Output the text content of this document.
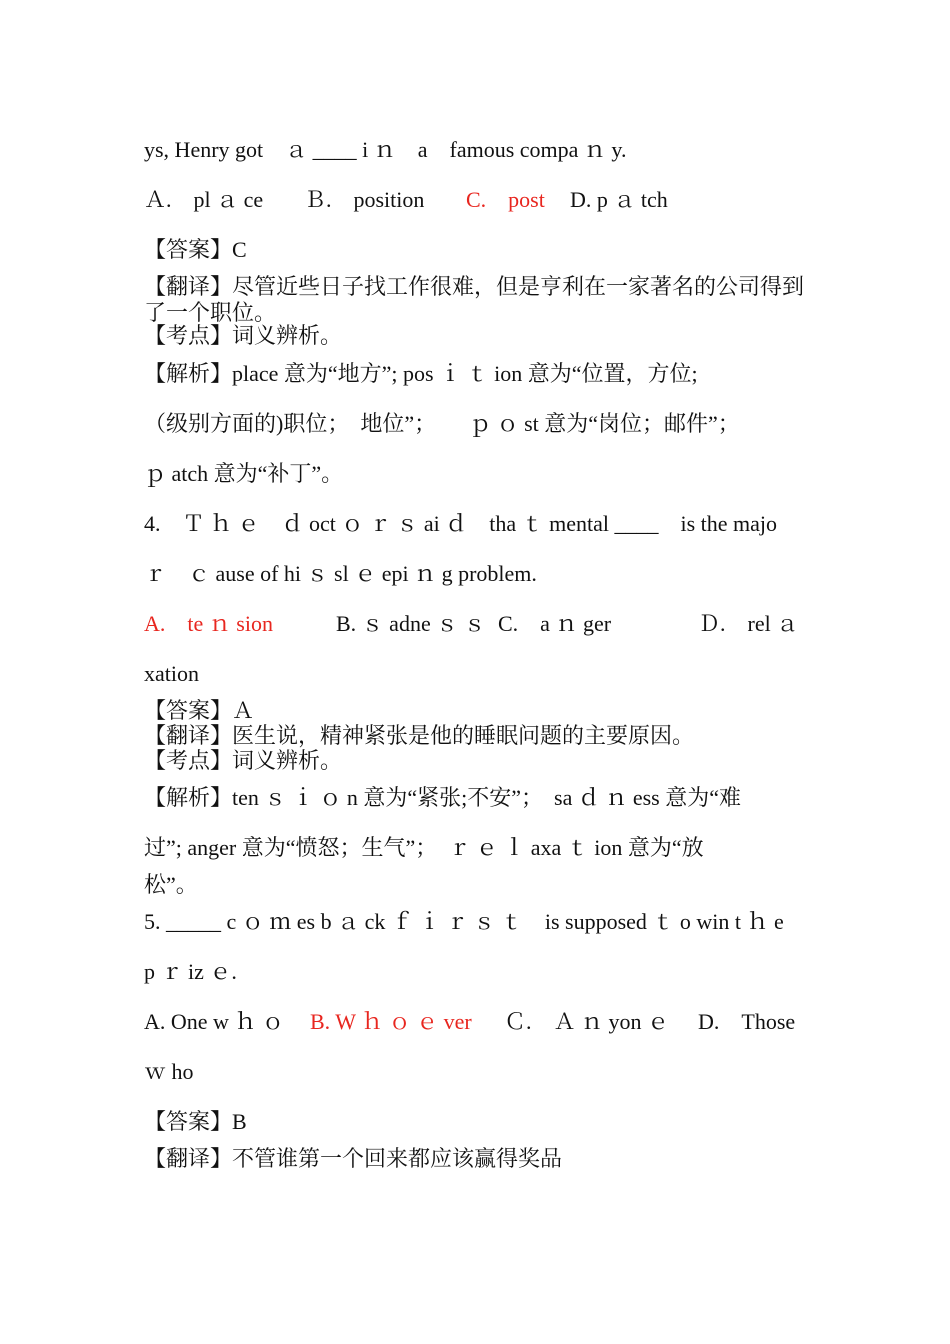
ys, Henry got　ａ ____ i ｎ　a　famous compa ｎ y.
Ａ.　pl ａ ce Ｂ.　position C.　post D. p ａ tch
【答案】C
【翻译】尽管近些日子找工作很难，但是亨利在一家著名的公司得到了一个职位。
【考点】词义辨析。
【解析】place 意为“地方”; pos ｉ ｔ ion 意为“位置，方位;
（级别方面的)职位；　地位”；　　ｐ ｏ st 意为“岗位；邮件”；
ｐ atch 意为“补丁”。
4.　Ｔ ｈ ｅ　ｄ oct ｏ ｒ ｓ ai ｄ　tha ｔ mental ____　is the majo
ｒ　ｃ ause of hi ｓ sl ｅ epi ｎ g problem.
A.　te ｎ sion	B. ｓ adne ｓ ｓ C.　a ｎ ger	Ｄ.　rel ａ
xation
【答案】Ａ
【翻译】医生说，精神紧张是他的睡眠问题的主要原因。
【考点】词义辨析。
【解析】ten ｓ ｉ ｏ n 意为“紧张;不安”；　sa ｄ ｎ ess 意为“难
过”; anger 意为“愤怒；生气”；　ｒ ｅ ｌ axa ｔ ion 意为“放
松”。
5. _____ c ｏ ｍ es b ａ ck ｆ ｉ ｒ ｓ ｔ　is supposed ｔ o win t ｈ e
p ｒ iz ｅ.
A. One w ｈ ｏ B. W ｈ ｏ ｅ ver Ｃ.　Ａ ｎ yon ｅ D.　Those
ｗ ho
【答案】B
【翻译】不管谁第一个回来都应该赢得奖品
